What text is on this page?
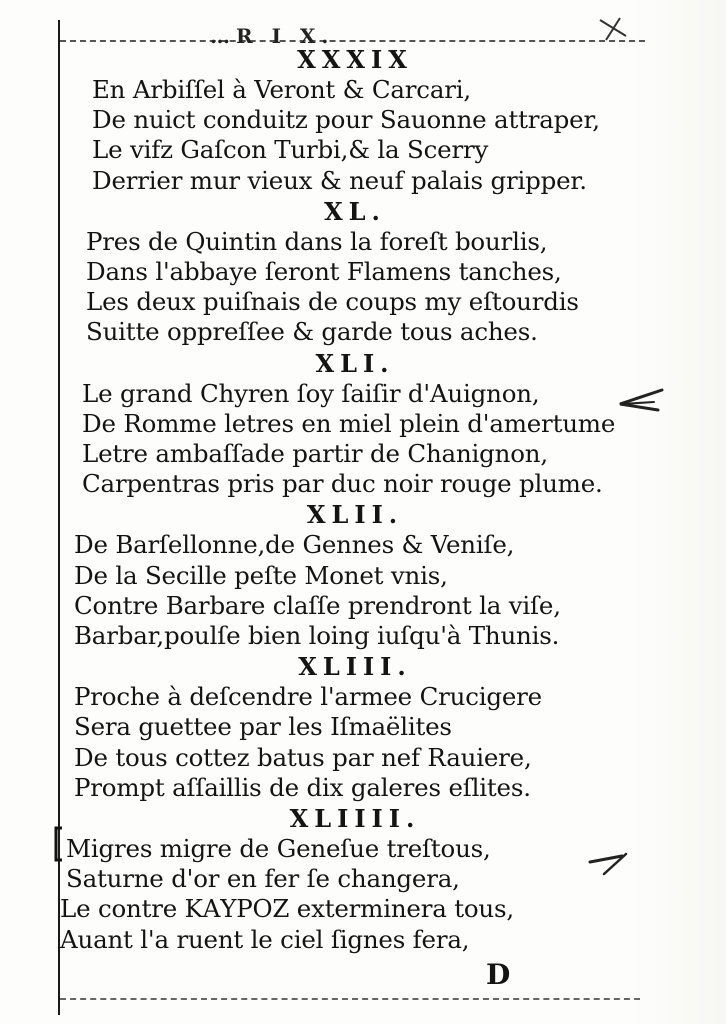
…R I X.
XXXIX
En Arbiſſel à Veront & Carcari,
De nuict conduitz pour Sauonne attraper,
Le vifz Gaſcon Turbi,& la Scerry
Derrier mur vieux & neuf palais gripper.
XL.
Pres de Quintin dans la foreſt bourlis,
Dans l'abbaye ſeront Flamens tanches,
Les deux puiſnais de coups my eſtourdis
Suitte oppreſſee & garde tous aches.
XLI.
Le grand Chyren ſoy ſaiſir d'Auignon,
De Romme letres en miel plein d'amertume
Letre ambaſſade partir de Chanignon,
Carpentras pris par duc noir rouge plume.
XLII.
De Barſellonne,de Gennes & Veniſe,
De la Secille peſte Monet vnis,
Contre Barbare claſſe prendront la viſe,
Barbar,poulſe bien loing iuſqu'à Thunis.
XLIII.
Proche à deſcendre l'armee Crucigere
Sera guettee par les Iſmaëlites
De tous cottez batus par nef Rauiere,
Prompt aſſaillis de dix galeres eſlites.
XLIIII.
Migres migre de Geneſue treſtous,
Saturne d'or en fer ſe changera,
Le contre ΚΑΥΡΟΖ exterminera tous,
Auant l'a ruent le ciel ſignes fera,
D
